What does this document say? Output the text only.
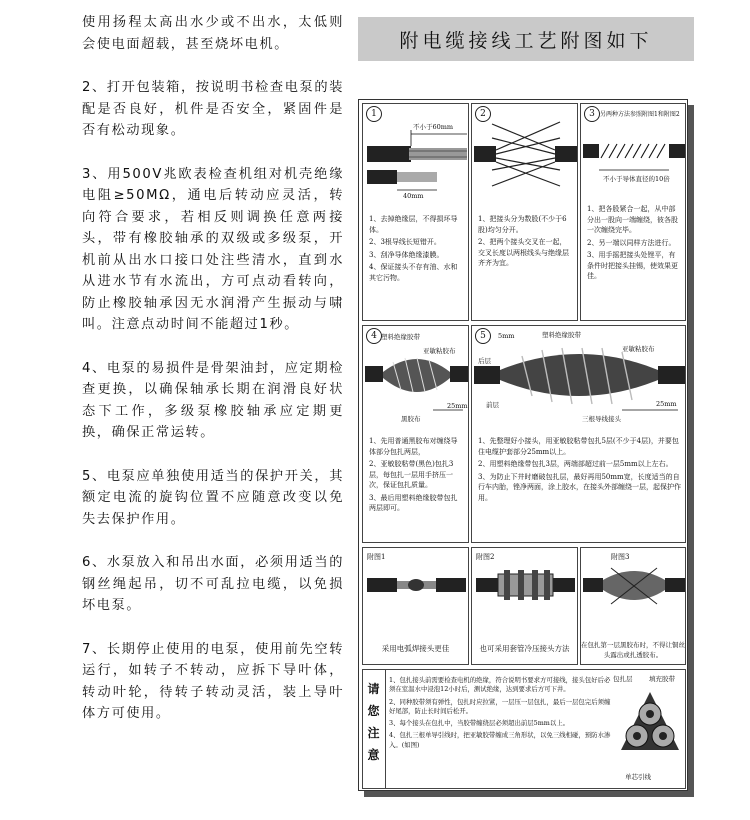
使用扬程太高出水少或不出水，太低则会使电面超载，甚至烧坏电机。

2、打开包装箱，按说明书检查电泵的装配是否良好，机件是否安全，紧固件是否有松动现象。

3、用500V兆欧表检查机组对机壳绝缘电阻≥50MΩ，通电后转动应灵活，转向符合要求，若相反则调换任意两接头，带有橡胶轴承的双级或多级泵，开机前从出水口接口处注些清水，直到水从进水节有水流出，方可点动看转向，防止橡胶轴承因无水润滑产生振动与啸叫。注意点动时间不能超过1秒。

4、电泵的易损件是骨架油封，应定期检查更换，以确保轴承长期在润滑良好状态下工作，多级泵橡胶轴承应定期更换，确保正常运转。

5、电泵应单独使用适当的保护开关，其额定电流的旋钩位置不应随意改变以免失去保护作用。

6、水泵放入和吊出水面，必须用适当的钢丝绳起吊，切不可乱拉电缆，以免损坏电泵。

7、长期停止使用的电泵，使用前先空转运行，如转子不转动，应拆下导叶体，转动叶轮，待转子转动灵活，装上导叶体方可使用。

附电缆接线工艺附图如下
1
不小于60mm
40mm
1、去掉绝缘层，不得损坏导体。
2、3根导线长短错开。
3、刮净导体绝缘漆膜。
4、保证接头不存有油、水和其它污物。
2
1、把接头分为数股(不少于6股)均匀分开。
2、把两个接头交叉在一起，交叉长度以两根线头与绝缘层齐齐为宜。
3 另两种方法参照附图1和附图2
不小于导体直径的10倍
1、把各股紧合一起，从中部分出一股向一端缠绕，彼各股一次缠绕完毕。
2、另一端以同样方法进行。
3、用手摇把接头处锉平，有条件时把接头挂锡，使效果更佳。
4 塑料绝缘胶带
亚敏粘胶布
黑胶布
25mm
1、先用普通黑胶布对缠绕导体部分包扎两层，
2、亚敏胶粘带(黑色)包扎3层，每包扎一层用手挤压一次，保证包扎质量。
3、最后用塑料绝缘胶带包扎两层即可。
5	5mm	塑料绝缘胶带
亚敏粘胶布
后层
前层
三根导线接头
25mm
1、先整理好小接头，用亚敏胶粘带包扎5层(不少于4层)，并要包住电缆护套部分25mm以上。
2、用塑料绝缘带包扎3层，两端部超过前一层5mm以上左右。
3、为防止下井时磨破包扎层，最好再用50mm宽，长度适当的自行车内胎，锉净两面，涂上胶水，在接头外部缠绕一层，起保护作用。
附图1
采用电弧焊接头更佳
附图2
也可采用套管冷压接头方法
附图3
在包扎第一层黑胶布时，不得让铜丝头露出或扎透胶布。
请您注意
1、包扎接头前需要检查电机的绝缘，符合说明书要求方可接线，接头包好后必须在室温水中浸泡12小时后，测试绝缘，达到要求后方可下井。
2、同种胶带须有弹性，包扎时应拉紧，一层压一层包扎，最后一层包完后须缠好尾部，防止长时间后松开。
3、每个接头在包扎中，当胶带缠绕层必须超出前层5mm以上。
4、包扎三根单导引线时，把亚敏胶带缠成三角形状，以免三线相碰，预防水渗入。(如图)
包扎层	填充胶带
单芯引线
